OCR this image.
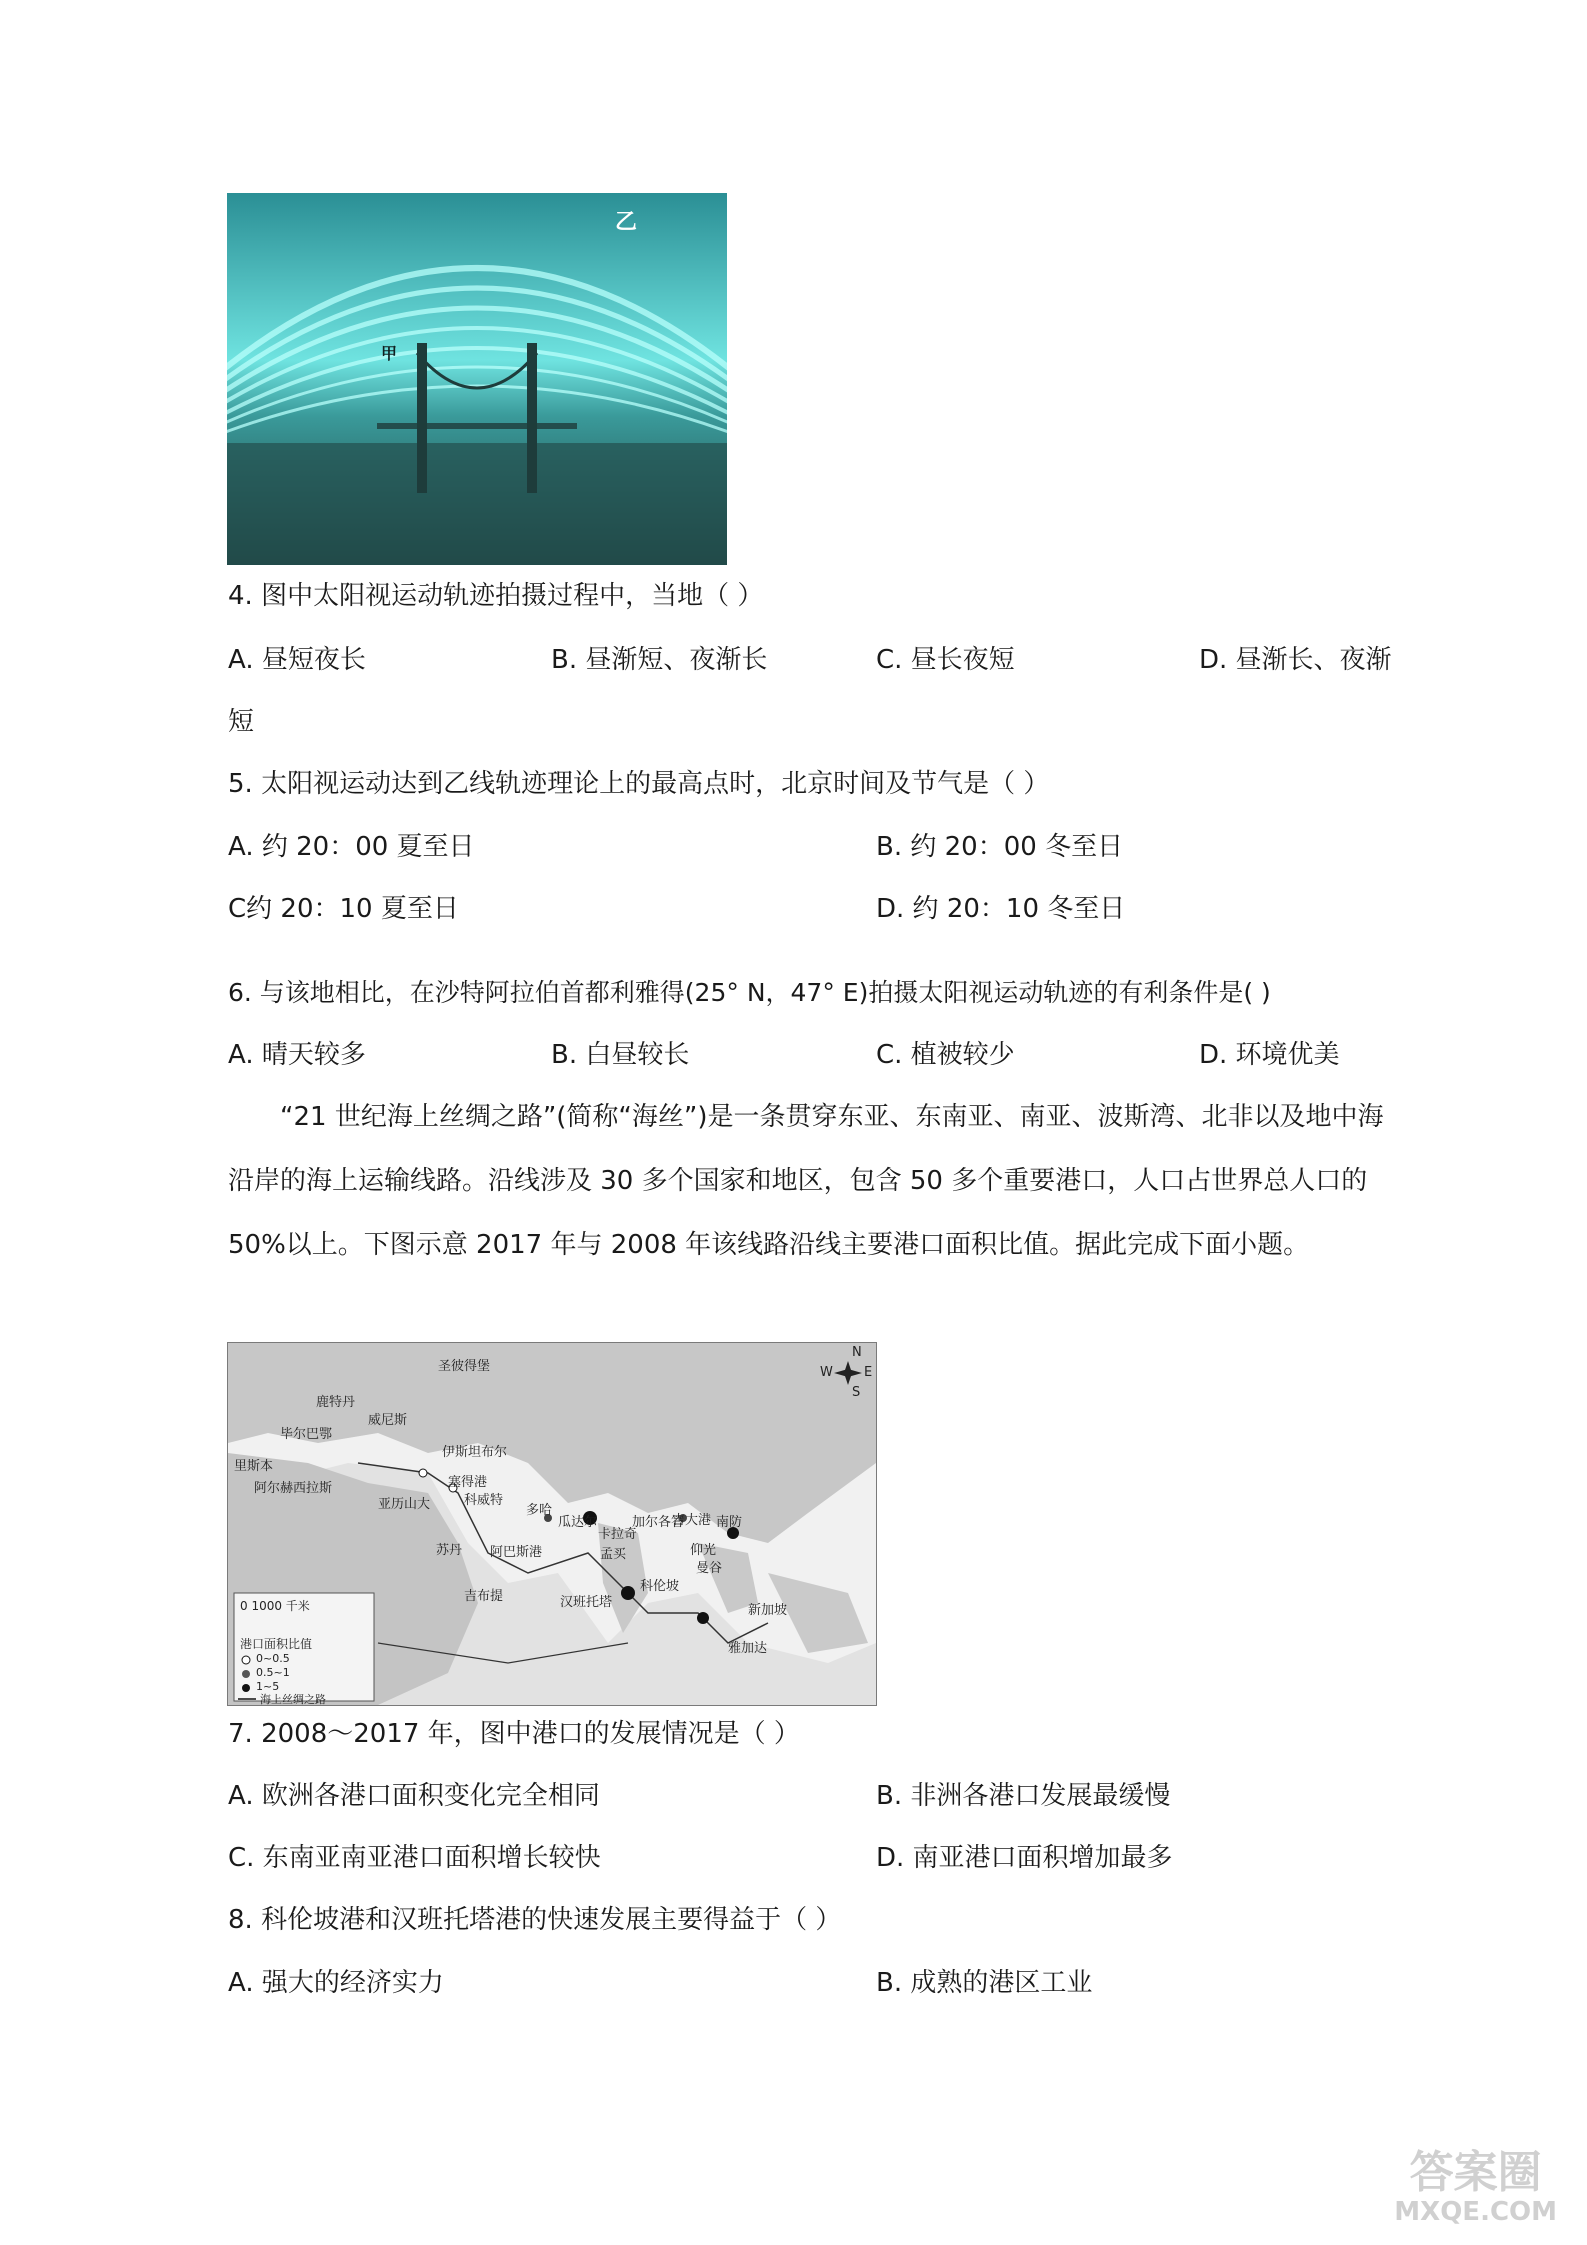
乙
甲
4. 图中太阳视运动轨迹拍摄过程中，当地（ ）
A. 昼短夜长	B. 昼渐短、夜渐长	C. 昼长夜短	D. 昼渐长、夜渐
短
5. 太阳视运动达到乙线轨迹理论上的最高点时，北京时间及节气是（ ）
A. 约 20：00 夏至日	B. 约 20：00 冬至日
C约 20：10 夏至日	D. 约 20：10 冬至日
6. 与该地相比，在沙特阿拉伯首都利雅得(25° N，47° E)拍摄太阳视运动轨迹的有利条件是( )
A. 晴天较多	B. 白昼较长	C. 植被较少	D. 环境优美
“21 世纪海上丝绸之路”(简称“海丝”)是一条贯穿东亚、东南亚、南亚、波斯湾、北非以及地中海沿岸的海上运输线路。沿线涉及 30 多个国家和地区，包含 50 多个重要港口，人口占世界总人口的 50%以上。下图示意 2017 年与 2008 年该线路沿线主要港口面积比值。据此完成下面小题。
N
W E
S
圣彼得堡
鹿特丹
威尼斯
毕尔巴鄂
伊斯坦布尔
里斯本
阿尔赫西拉斯
亚历山大
塞得港
科威特
多哈
瓜达尔
卡拉奇
孟买
加尔各答
吉大港 南防
仰光
曼谷
苏丹 阿巴斯港
吉布提	汉班托塔
科伦坡
新加坡
雅加达
0 1000 千米
港口面积比值
0~0.5
0.5~1
1~5
海上丝绸之路
7. 2008～2017 年，图中港口的发展情况是（ ）
A. 欧洲各港口面积变化完全相同	B. 非洲各港口发展最缓慢
C. 东南亚南亚港口面积增长较快	D. 南亚港口面积增加最多
8. 科伦坡港和汉班托塔港的快速发展主要得益于（ ）
A. 强大的经济实力	B. 成熟的港区工业
答案圈
MXQE.COM
